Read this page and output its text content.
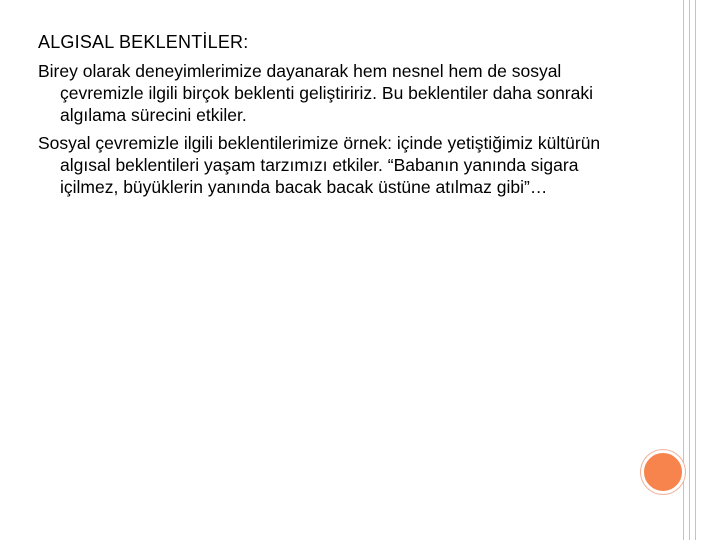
ALGISAL BEKLENTİLER:

Birey olarak deneyimlerimize dayanarak hem nesnel hem de sosyal çevremizle ilgili birçok beklenti geliştiririz. Bu beklentiler daha sonraki algılama sürecini etkiler.

Sosyal çevremizle ilgili beklentilerimize örnek: içinde yetiştiğimiz kültürün algısal beklentileri yaşam tarzımızı etkiler. “Babanın yanında sigara içilmez, büyüklerin yanında bacak bacak üstüne atılmaz gibi”…
